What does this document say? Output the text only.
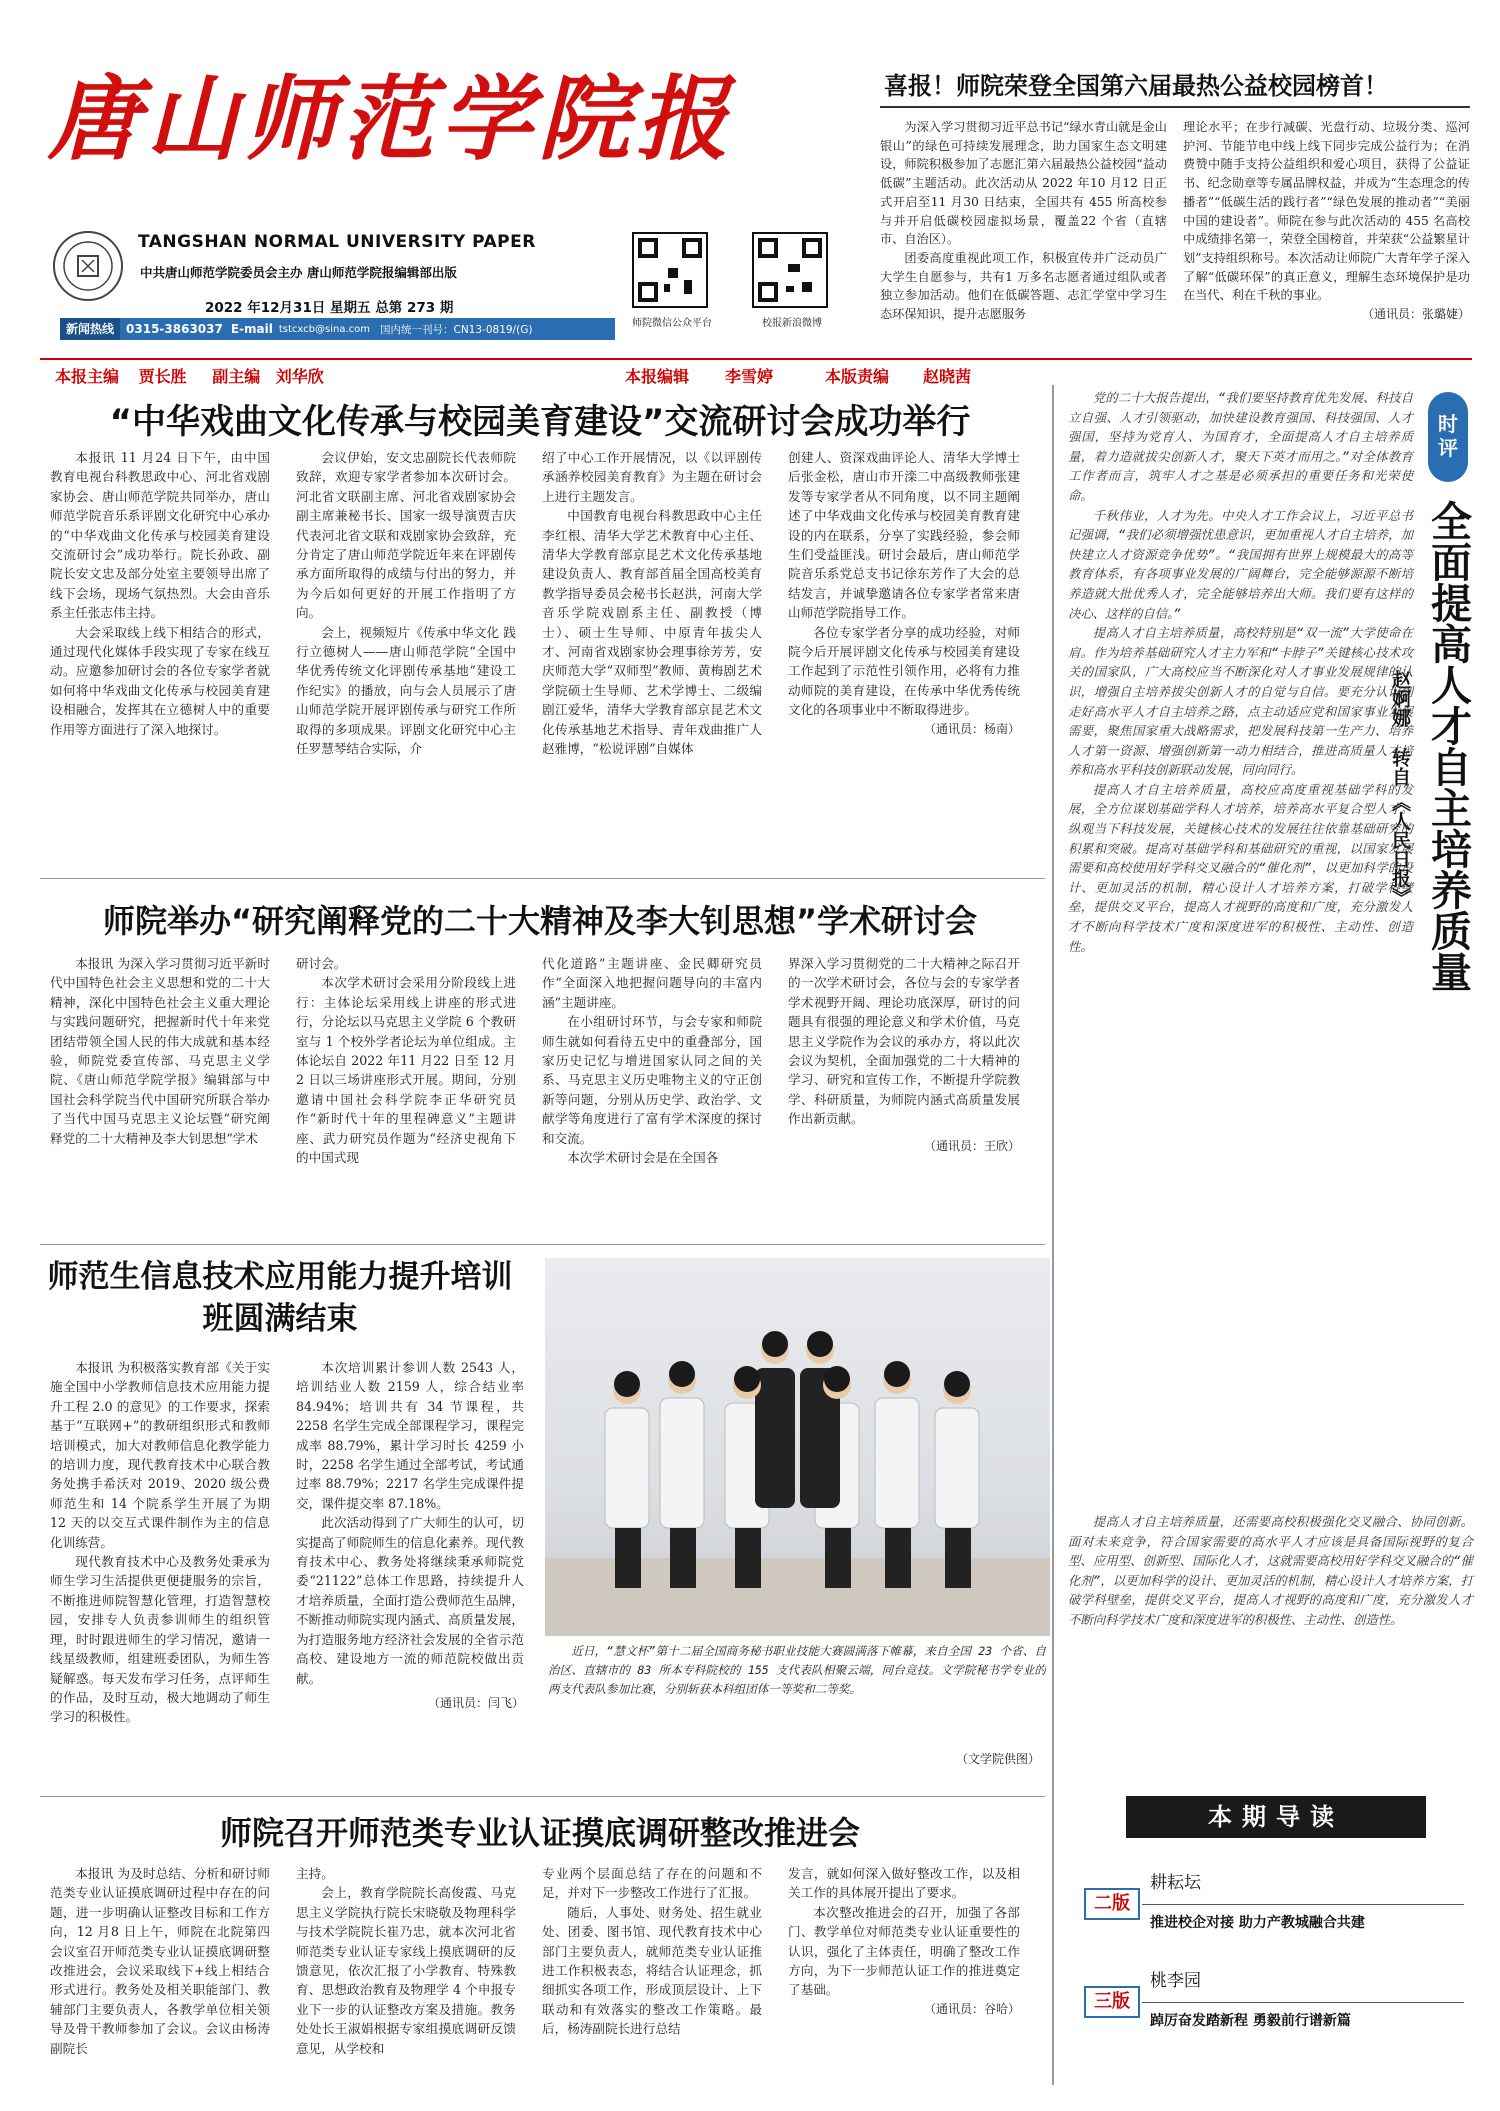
唐山师范学院报
TANGSHAN NORMAL UNIVERSITY PAPER
中共唐山师范学院委员会主办 唐山师范学院报编辑部出版
2022 年12月31日 星期五 总第 273 期
新闻热线	0315-3863037 E-mail tstcxcb@sina.com 国内统一刊号：CN13-0819/(G)	师院微信公众平台	校报新浪微博
喜报！师院荣登全国第六届最热公益校园榜首！

为深入学习贯彻习近平总书记“绿水青山就是金山银山”的绿色可持续发展理念，助力国家生态文明建设，师院积极参加了志愿汇第六届最热公益校园“益动低碳”主题活动。此次活动从 2022 年10 月12 日正式开启至11 月30 日结束，全国共有 455 所高校参与并开启低碳校园虚拟场景，覆盖22 个省（直辖市、自治区）。

团委高度重视此项工作，积极宣传并广泛动员广大学生自愿参与，共有1 万多名志愿者通过组队或者独立参加活动。他们在低碳答题、志汇学堂中学习生态环保知识，提升志愿服务

理论水平；在步行减碳、光盘行动、垃圾分类、巡河护河、节能节电中线上线下同步完成公益行为；在消费赞中随手支持公益组织和爱心项目，获得了公益证书、纪念勋章等专属品牌权益，并成为“生态理念的传播者”“低碳生活的践行者”“绿色发展的推动者”“美丽中国的建设者”。师院在参与此次活动的 455 名高校中成绩排名第一，荣登全国榜首，并荣获“公益繁星计划”支持组织称号。本次活动让师院广大青年学子深入了解“低碳环保”的真正意义，理解生态环境保护是功在当代、利在千秋的事业。

（通讯员：张璐婕）

本报主编 贾长胜 副主编 刘华欣	本报编辑 李雪婷	本版责编 赵晓茜
“中华戏曲文化传承与校园美育建设”交流研讨会成功举行

本报讯 11 月24 日下午，由中国教育电视台科教思政中心、河北省戏剧家协会、唐山师范学院共同举办，唐山师范学院音乐系评剧文化研究中心承办的“中华戏曲文化传承与校园美育建设交流研讨会”成功举行。院长孙政、副院长安文忠及部分处室主要领导出席了线下会场，现场气氛热烈。大会由音乐系主任张志伟主持。

大会采取线上线下相结合的形式，通过现代化媒体手段实现了专家在线互动。应邀参加研讨会的各位专家学者就如何将中华戏曲文化传承与校园美育建设相融合，发挥其在立德树人中的重要作用等方面进行了深入地探讨。

会议伊始，安文忠副院长代表师院致辞，欢迎专家学者参加本次研讨会。河北省文联副主席、河北省戏剧家协会副主席兼秘书长、国家一级导演贾吉庆代表河北省文联和戏剧家协会致辞，充分肯定了唐山师范学院近年来在评剧传承方面所取得的成绩与付出的努力，并为今后如何更好的开展工作指明了方向。

会上，视频短片《传承中华文化 践行立德树人——唐山师范学院“全国中华优秀传统文化评剧传承基地”建设工作纪实》的播放，向与会人员展示了唐山师范学院开展评剧传承与研究工作所取得的多项成果。评剧文化研究中心主任罗慧琴结合实际，介

绍了中心工作开展情况，以《以评剧传承涵养校园美育教育》为主题在研讨会上进行主题发言。

中国教育电视台科教思政中心主任李红根、清华大学艺术教育中心主任、清华大学教育部京昆艺术文化传承基地建设负责人、教育部首届全国高校美育教学指导委员会秘书长赵洪，河南大学音乐学院戏剧系主任、副教授（博士）、硕士生导师、中原青年拔尖人才、河南省戏剧家协会理事徐芳芳，安庆师范大学“双师型”教师、黄梅剧艺术学院硕士生导师、艺术学博士、二级编剧江爱华，清华大学教育部京昆艺术文化传承基地艺术指导、青年戏曲推广人赵雅博，“松说评剧”自媒体

创建人、资深戏曲评论人、清华大学博士后张金松，唐山市开滦二中高级教师张建发等专家学者从不同角度，以不同主题阐述了中华戏曲文化传承与校园美育教育建设的内在联系，分享了实践经验，参会师生们受益匪浅。研讨会最后，唐山师范学院音乐系党总支书记徐东芳作了大会的总结发言，并诚挚邀请各位专家学者常来唐山师范学院指导工作。

各位专家学者分享的成功经验，对师院今后开展评剧文化传承与校园美育建设工作起到了示范性引领作用，必将有力推动师院的美育建设，在传承中华优秀传统文化的各项事业中不断取得进步。

（通讯员：杨南）

师院举办“研究阐释党的二十大精神及李大钊思想”学术研讨会

本报讯 为深入学习贯彻习近平新时代中国特色社会主义思想和党的二十大精神，深化中国特色社会主义重大理论与实践问题研究，把握新时代十年来党团结带领全国人民的伟大成就和基本经验，师院党委宣传部、马克思主义学院、《唐山师范学院学报》编辑部与中国社会科学院当代中国研究所联合举办了当代中国马克思主义论坛暨“研究阐释党的二十大精神及李大钊思想”学术

研讨会。

本次学术研讨会采用分阶段线上进行：主体论坛采用线上讲座的形式进行，分论坛以马克思主义学院 6 个教研室与 1 个校外学者论坛为单位组成。主体论坛自 2022 年11 月22 日至 12 月2 日以三场讲座形式开展。期间，分别邀请中国社会科学院李正华研究员作“新时代十年的里程碑意义”主题讲座、武力研究员作题为“经济史视角下的中国式现

代化道路”主题讲座、金民卿研究员作“全面深入地把握问题导向的丰富内涵”主题讲座。

在小组研讨环节，与会专家和师院师生就如何看待五史中的重叠部分，国家历史记忆与增进国家认同之间的关系、马克思主义历史唯物主义的守正创新等问题，分别从历史学、政治学、文献学等角度进行了富有学术深度的探讨和交流。

本次学术研讨会是在全国各

界深入学习贯彻党的二十大精神之际召开的一次学术研讨会，各位与会的专家学者学术视野开阔、理论功底深厚，研讨的问题具有很强的理论意义和学术价值，马克思主义学院作为会议的承办方，将以此次会议为契机，全面加强党的二十大精神的学习、研究和宣传工作，不断提升学院教学、科研质量，为师院内涵式高质量发展作出新贡献。

（通讯员：王欣）

师范生信息技术应用能力提升培训班圆满结束

本报讯 为积极落实教育部《关于实施全国中小学教师信息技术应用能力提升工程 2.0 的意见》的工作要求，探索基于“互联网+”的教研组织形式和教师培训模式，加大对教师信息化教学能力的培训力度，现代教育技术中心联合教务处携手希沃对 2019、2020 级公费师范生和 14 个院系学生开展了为期 12 天的以交互式课件制作为主的信息化训练营。

现代教育技术中心及教务处秉承为师生学习生活提供更便捷服务的宗旨，不断推进师院智慧化管理，打造智慧校园，安排专人负责参训师生的组织管理，时时跟进师生的学习情况，邀请一线星级教师，组建班委团队，为师生答疑解惑。每天发布学习任务，点评师生的作品，及时互动，极大地调动了师生学习的积极性。

本次培训累计参训人数 2543 人，培训结业人数 2159 人，综合结业率 84.94%；培训共有 34 节课程，共 2258 名学生完成全部课程学习，课程完成率 88.79%，累计学习时长 4259 小时，2258 名学生通过全部考试，考试通过率 88.79%；2217 名学生完成课件提交，课件提交率 87.18%。

此次活动得到了广大师生的认可，切实提高了师院师生的信息化素养。现代教育技术中心、教务处将继续秉承师院党委“21122”总体工作思路，持续提升人才培养质量，全面打造公费师范生品牌，不断推动师院实现内涵式、高质量发展，为打造服务地方经济社会发展的全省示范高校、建设地方一流的师范院校做出贡献。

（通讯员：闫飞）

近日，“慧文杯”第十二届全国商务秘书职业技能大赛圆满落下帷幕，来自全国 23 个省、自治区、直辖市的 83 所本专科院校的 155 支代表队相聚云端，同台竞技。文学院秘书学专业的两支代表队参加比赛，分别斩获本科组团体一等奖和二等奖。

（文学院供图）
师院召开师范类专业认证摸底调研整改推进会

本报讯 为及时总结、分析和研讨师范类专业认证摸底调研过程中存在的问题，进一步明确认证整改目标和工作方向，12 月8 日上午，师院在北院第四会议室召开师范类专业认证摸底调研整改推进会，会议采取线下+线上相结合形式进行。教务处及相关职能部门、教辅部门主要负责人，各教学单位相关领导及骨干教师参加了会议。会议由杨涛副院长

主持。

会上，教育学院院长高俊霞、马克思主义学院执行院长宋晓敬及物理科学与技术学院院长崔乃忠，就本次河北省师范类专业认证专家线上摸底调研的反馈意见，依次汇报了小学教育、特殊教育、思想政治教育及物理学 4 个申报专业下一步的认证整改方案及措施。教务处处长王淑娟根据专家组摸底调研反馈意见，从学校和

专业两个层面总结了存在的问题和不足，并对下一步整改工作进行了汇报。

随后，人事处、财务处、招生就业处、团委、图书馆、现代教育技术中心部门主要负责人，就师范类专业认证推进工作积极表态，将结合认证理念，抓细抓实各项工作，形成顶层设计、上下联动和有效落实的整改工作策略。最后，杨涛副院长进行总结

发言，就如何深入做好整改工作，以及相关工作的具体展开提出了要求。

本次整改推进会的召开，加强了各部门、教学单位对师范类专业认证重要性的认识，强化了主体责任，明确了整改工作方向，为下一步师范认证工作的推进奠定了基础。

（通讯员：谷哈）

时
评
全面提高人才自主培养质量
赵婀娜 转自 《人民日报》

党的二十大报告提出，“我们要坚持教育优先发展、科技自立自强、人才引领驱动，加快建设教育强国、科技强国、人才强国，坚持为党育人、为国育才，全面提高人才自主培养质量，着力造就拔尖创新人才，聚天下英才而用之。”对全体教育工作者而言，筑牢人才之基是必须承担的重要任务和光荣使命。

千秋伟业，人才为先。中央人才工作会议上，习近平总书记强调，“我们必须增强忧患意识，更加重视人才自主培养，加快建立人才资源竞争优势”。“我国拥有世界上规模最大的高等教育体系，有各项事业发展的广阔舞台，完全能够源源不断培养造就大批优秀人才，完全能够培养出大师。我们要有这样的决心、这样的自信。”

提高人才自主培养质量，高校特别是“双一流”大学使命在肩。作为培养基础研究人才主力军和“卡脖子”关键核心技术攻关的国家队，广大高校应当不断深化对人才事业发展规律的认识，增强自主培养拔尖创新人才的自觉与自信。要充分认识到走好高水平人才自主培养之路，点主动适应党和国家事业发展需要，聚焦国家重大战略需求，把发展科技第一生产力、培养人才第一资源、增强创新第一动力相结合，推进高质量人才培养和高水平科技创新联动发展，同向同行。

提高人才自主培养质量，高校应高度重视基础学科的发展，全方位谋划基础学科人才培养，培养高水平复合型人才。纵观当下科技发展，关键核心技术的发展往往依靠基础研究的积累和突破。提高对基础学科和基础研究的重视，以国家发展需要和高校使用好学科交叉融合的“催化剂”，以更加科学的设计、更加灵活的机制，精心设计人才培养方案，打破学科壁垒，提供交叉平台，提高人才视野的高度和广度，充分激发人才不断向科学技术广度和深度进军的积极性、主动性、创造性。

提高人才自主培养质量，还需要高校积极强化交叉融合、协同创新。面对未来竞争，符合国家需要的高水平人才应该是具备国际视野的复合型、应用型、创新型、国际化人才，这就需要高校用好学科交叉融合的“催化剂”，以更加科学的设计、更加灵活的机制，精心设计人才培养方案，打破学科壁垒，提供交叉平台，提高人才视野的高度和广度，充分激发人才不断向科学技术广度和深度进军的积极性、主动性、创造性。

本期导读
二版
耕耘坛
推进校企对接 助力产教城融合共建
三版
桃李园
踔厉奋发踏新程 勇毅前行谱新篇
